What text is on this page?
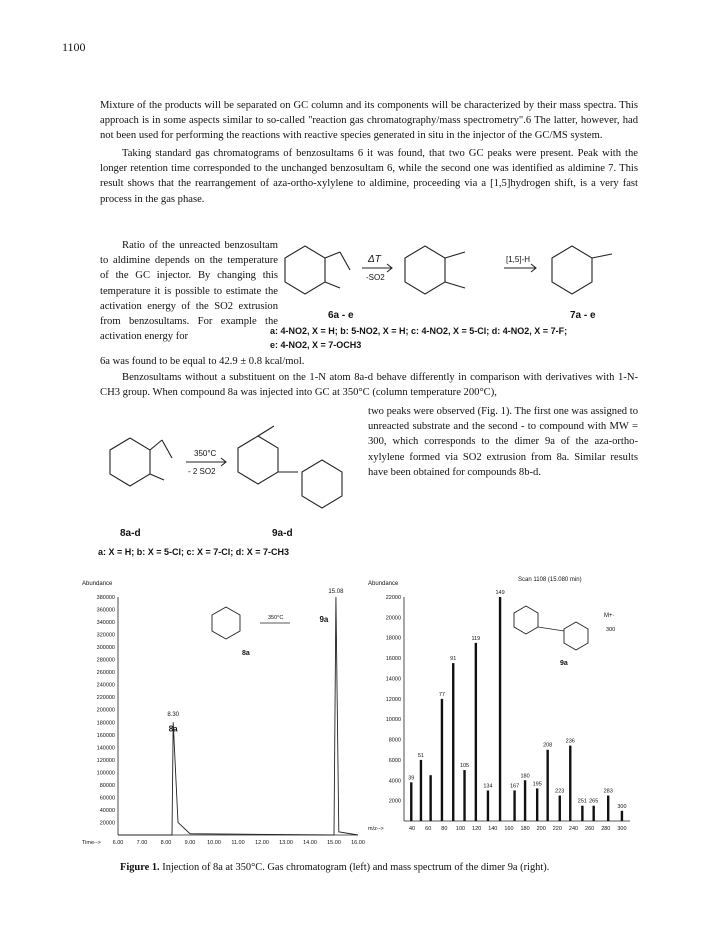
1100
Mixture of the products will be separated on GC column and its components will be characterized by their mass spectra. This approach is in some aspects similar to so-called "reaction gas chromatography/mass spectrometry".6 The latter, however, had not been used for performing the reactions with reactive species generated in situ in the injector of the GC/MS system.
Taking standard gas chromatograms of benzosultams 6 it was found, that two GC peaks were present. Peak with the longer retention time corresponded to the unchanged benzosultam 6, while the second one was identified as aldimine 7. This result shows that the rearrangement of aza-ortho-xylylene to aldimine, proceeding via a [1,5]hydrogen shift, is a very fast process in the gas phase.
Ratio of the unreacted benzosultam to aldimine depends on the temperature of the GC injector. By changing this temperature it is possible to estimate the activation energy of the SO2 extrusion from benzosultams. For example the activation energy for
6a was found to be equal to 42.9 ± 0.8 kcal/mol.
Benzosultams without a substituent on the 1-N atom 8a-d behave differently in comparison with derivatives with 1-N-CH3 group. When compound 8a was injected into GC at 350°C (column temperature 200°C),
two peaks were observed (Fig. 1). The first one was assigned to unreacted substrate and the second - to compound with MW = 300, which corresponds to the dimer 9a of the aza-ortho-xylylene formed via SO2 extrusion from 8a. Similar results have been obtained for compounds 8b-d.
ΔT
-SO2
[1,5]-H
6a - e	7a - e
a: 4-NO2, X = H; b: 5-NO2, X = H; c: 4-NO2, X = 5-Cl; d: 4-NO2, X = 7-F;
e: 4-NO2, X = 7-OCH3
350°C
- 2 SO2
8a-d	9a-d
a: X = H; b: X = 5-Cl; c: X = 7-Cl; d: X = 7-CH3
Abundance
380000
360000
340000
320000
300000
280000
260000
240000
220000
200000
180000
160000
140000
120000
100000
80000
60000
40000
20000
6.00 7.00 8.00 9.00 10.00 11.00 12.00 13.00 14.00 15.00 16.00
Time-->
8.30
8a
15.08
9a
350°C
8a
Abundance
Scan 1108 (15.080 min)
22000
20000
18000
16000
14000
12000
10000
8000
6000
4000
2000
40 60 80 100 120 140 160 180 200 220 240 260 280 300
m/z-->
39
51
77
91
105
119
134
149
167
180
195
208
223
236
251 265
283
300
9a
M+·
300
Figure 1. Injection of 8a at 350°C. Gas chromatogram (left) and mass spectrum of the dimer 9a (right).
